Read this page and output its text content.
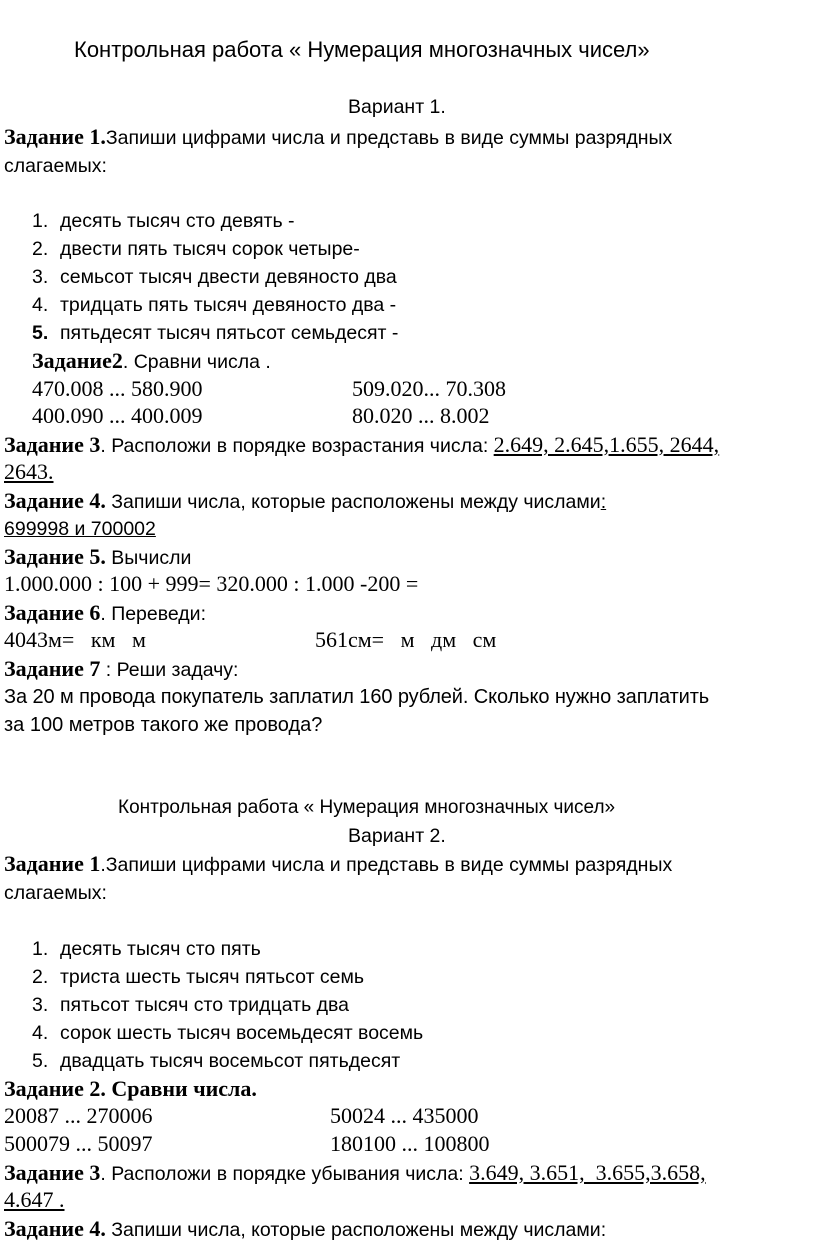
Контрольная работа « Нумерация многозначных чисел»
Вариант 1.
Задание 1.Запиши цифрами числа и представь в виде суммы разрядных
слагаемых:
1. десять тысяч сто девять -
2. двести пять тысяч сорок четыре-
3. семьсот тысяч двести девяносто два
4. тридцать пять тысяч девяносто два -
5. пятьдесят тысяч пятьсот семьдесят -
Задание2. Сравни числа .
470.008 ... 580.900	509.020... 70.308
400.090 ... 400.009	80.020 ... 8.002
Задание 3. Расположи в порядке возрастания числа: 2.649, 2.645,1.655, 2644,
2643.
Задание 4. Запиши числа, которые расположены между числами:
699998 и 700002
Задание 5. Вычисли
1.000.000 : 100 + 999= 320.000 : 1.000 -200 =
Задание 6. Переведи:
4043м=   км   м	561см=   м   дм   см
Задание 7 : Реши задачу:
За 20 м провода покупатель заплатил 160 рублей. Сколько нужно заплатить
за 100 метров такого же провода?
Контрольная работа « Нумерация многозначных чисел»
Вариант 2.
Задание 1.Запиши цифрами числа и представь в виде суммы разрядных
слагаемых:
1. десять тысяч сто пять
2. триста шесть тысяч пятьсот семь
3. пятьсот тысяч сто тридцать два
4. сорок шесть тысяч восемьдесят восемь
5. двадцать тысяч восемьсот пятьдесят
Задание 2. Сравни числа.
20087 ... 270006	50024 ... 435000
500079 ... 50097	180100 ... 100800
Задание 3. Расположи в порядке убывания числа: 3.649, 3.651,  3.655,3.658,
4.647 .
Задание 4. Запиши числа, которые расположены между числами:
